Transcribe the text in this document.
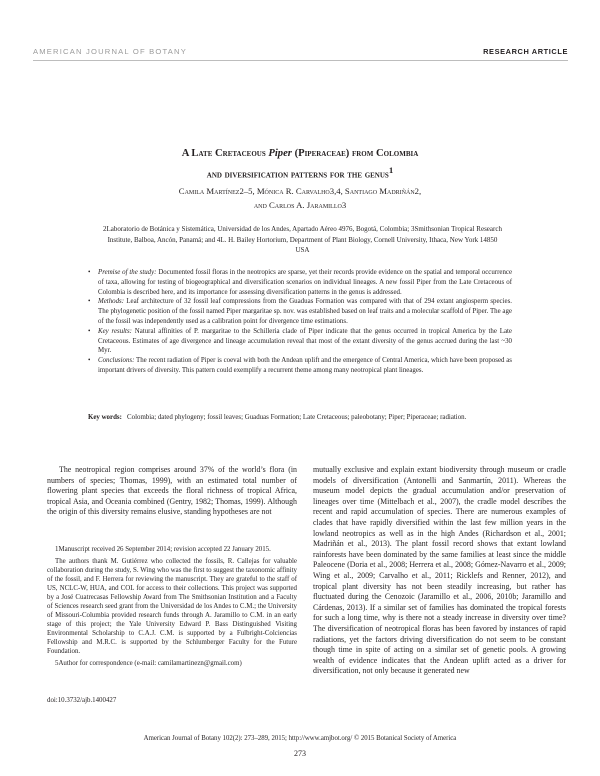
AMERICAN JOURNAL OF BOTANY	RESEARCH ARTICLE
A Late Cretaceous Piper (Piperaceae) from Colombia
and diversification patterns for the genus$^1$
Camila Martínez2–5, Mónica R. Carvalho3,4, Santiago Madriñán2,
and Carlos A. Jaramillo3
2Laboratorio de Botánica y Sistemática, Universidad de los Andes, Apartado Aéreo 4976, Bogotá, Colombia; 3Smithsonian Tropical Research Institute, Balboa, Ancón, Panamá; and 4L. H. Bailey Hortorium, Department of Plant Biology, Cornell University, Ithaca, New York 14850 USA
• Premise of the study: Documented fossil floras in the neotropics are sparse, yet their records provide evidence on the spatial and temporal occurrence of taxa, allowing for testing of biogeographical and diversification scenarios on individual lineages. A new fossil Piper from the Late Cretaceous of Colombia is described here, and its importance for assessing diversification patterns in the genus is addressed.
• Methods: Leaf architecture of 32 fossil leaf compressions from the Guaduas Formation was compared with that of 294 extant angiosperm species. The phylogenetic position of the fossil named Piper margaritae sp. nov. was established based on leaf traits and a molecular scaffold of Piper. The age of the fossil was independently used as a calibration point for divergence time estimations.
• Key results: Natural affinities of P. margaritae to the Schilleria clade of Piper indicate that the genus occurred in tropical America by the Late Cretaceous. Estimates of age divergence and lineage accumulation reveal that most of the extant diversity of the genus accrued during the last ~30 Myr.
• Conclusions: The recent radiation of Piper is coeval with both the Andean uplift and the emergence of Central America, which have been proposed as important drivers of diversity. This pattern could exemplify a recurrent theme among many neotropical plant lineages.
Key words: Colombia; dated phylogeny; fossil leaves; Guaduas Formation; Late Cretaceous; paleobotany; Piper; Piperaceae; radiation.

The neotropical region comprises around 37% of the world’s flora (in numbers of species; Thomas, 1999), with an estimated total number of flowering plant species that exceeds the floral richness of tropical Africa, tropical Asia, and Oceania combined (Gentry, 1982; Thomas, 1999). Although the origin of this diversity remains elusive, standing hypotheses are not

1Manuscript received 26 September 2014; revision accepted 22 January 2015.

The authors thank M. Gutiérrez who collected the fossils, R. Callejas for valuable collaboration during the study, S. Wing who was the first to suggest the taxonomic affinity of the fossil, and F. Herrera for reviewing the manuscript. They are grateful to the staff of US, NCLC-W, HUA, and COL for access to their collections. This project was supported by a José Cuatrecasas Fellowship Award from The Smithsonian Institution and a Faculty of Sciences research seed grant from the Universidad de los Andes to C.M.; the University of Missouri-Columbia provided research funds through A. Jaramillo to C.M. in an early stage of this project; the Yale University Edward P. Bass Distinguished Visiting Environmental Scholarship to C.A.J. C.M. is supported by a Fulbright-Colciencias Fellowship and M.R.C. is supported by the Schlumberger Faculty for the Future Foundation.

5Author for correspondence (e-mail: camilamartinezn@gmail.com)

doi:10.3732/ajb.1400427

mutually exclusive and explain extant biodiversity through museum or cradle models of diversification (Antonelli and Sanmartín, 2011). Whereas the museum model depicts the gradual accumulation and/or preservation of lineages over time (Mittelbach et al., 2007), the cradle model describes the recent and rapid accumulation of species. There are numerous examples of clades that have rapidly diversified within the last few million years in the lowland neotropics as well as in the high Andes (Richardson et al., 2001; Madriñán et al., 2013). The plant fossil record shows that extant lowland rainforests have been dominated by the same families at least since the middle Paleocene (Doria et al., 2008; Herrera et al., 2008; Gómez-Navarro et al., 2009; Wing et al., 2009; Carvalho et al., 2011; Ricklefs and Renner, 2012), and tropical plant diversity has not been steadily increasing, but rather has fluctuated during the Cenozoic (Jaramillo et al., 2006, 2010b; Jaramillo and Cárdenas, 2013). If a similar set of families has dominated the tropical forests for such a long time, why is there not a steady increase in diversity over time? The diversification of neotropical floras has been favored by instances of rapid radiations, yet the factors driving diversification do not seem to be constant though time in spite of acting on a similar set of genetic pools. A growing wealth of evidence indicates that the Andean uplift acted as a driver for diversification, not only because it generated new

American Journal of Botany 102(2): 273–289, 2015; http://www.amjbot.org/ © 2015 Botanical Society of America
273
